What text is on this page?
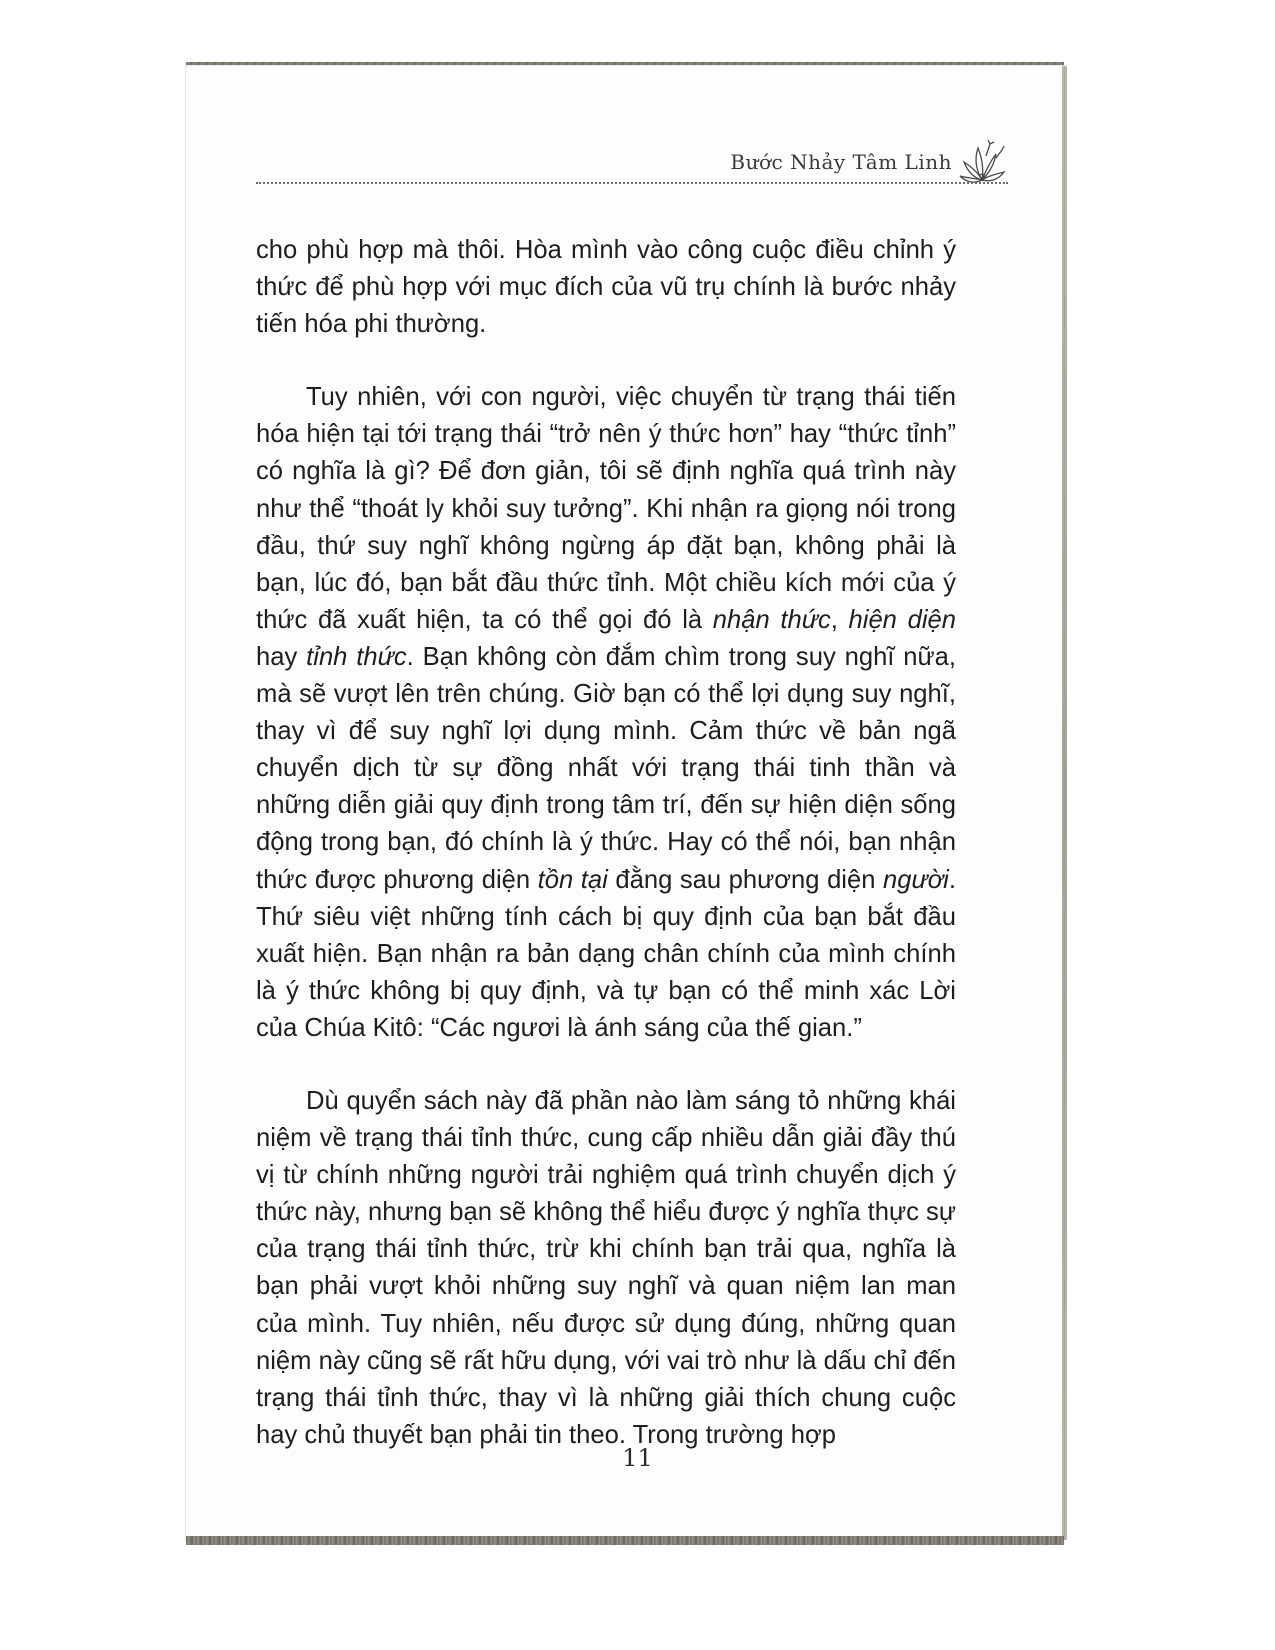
Bước Nhảy Tâm Linh

cho phù hợp mà thôi. Hòa mình vào công cuộc điều chỉnh ý thức để phù hợp với mục đích của vũ trụ chính là bước nhảy tiến hóa phi thường.

Tuy nhiên, với con người, việc chuyển từ trạng thái tiến hóa hiện tại tới trạng thái “trở nên ý thức hơn” hay “thức tỉnh” có nghĩa là gì? Để đơn giản, tôi sẽ định nghĩa quá trình này như thể “thoát ly khỏi suy tưởng”. Khi nhận ra giọng nói trong đầu, thứ suy nghĩ không ngừng áp đặt bạn, không phải là bạn, lúc đó, bạn bắt đầu thức tỉnh. Một chiều kích mới của ý thức đã xuất hiện, ta có thể gọi đó là nhận thức, hiện diện hay tỉnh thức. Bạn không còn đắm chìm trong suy nghĩ nữa, mà sẽ vượt lên trên chúng. Giờ bạn có thể lợi dụng suy nghĩ, thay vì để suy nghĩ lợi dụng mình. Cảm thức về bản ngã chuyển dịch từ sự đồng nhất với trạng thái tinh thần và những diễn giải quy định trong tâm trí, đến sự hiện diện sống động trong bạn, đó chính là ý thức. Hay có thể nói, bạn nhận thức được phương diện tồn tại đằng sau phương diện người. Thứ siêu việt những tính cách bị quy định của bạn bắt đầu xuất hiện. Bạn nhận ra bản dạng chân chính của mình chính là ý thức không bị quy định, và tự bạn có thể minh xác Lời của Chúa Kitô: “Các ngươi là ánh sáng của thế gian.”

Dù quyển sách này đã phần nào làm sáng tỏ những khái niệm về trạng thái tỉnh thức, cung cấp nhiều dẫn giải đầy thú vị từ chính những người trải nghiệm quá trình chuyển dịch ý thức này, nhưng bạn sẽ không thể hiểu được ý nghĩa thực sự của trạng thái tỉnh thức, trừ khi chính bạn trải qua, nghĩa là bạn phải vượt khỏi những suy nghĩ và quan niệm lan man của mình. Tuy nhiên, nếu được sử dụng đúng, những quan niệm này cũng sẽ rất hữu dụng, với vai trò như là dấu chỉ đến trạng thái tỉnh thức, thay vì là những giải thích chung cuộc hay chủ thuyết bạn phải tin theo. Trong trường hợp

11
